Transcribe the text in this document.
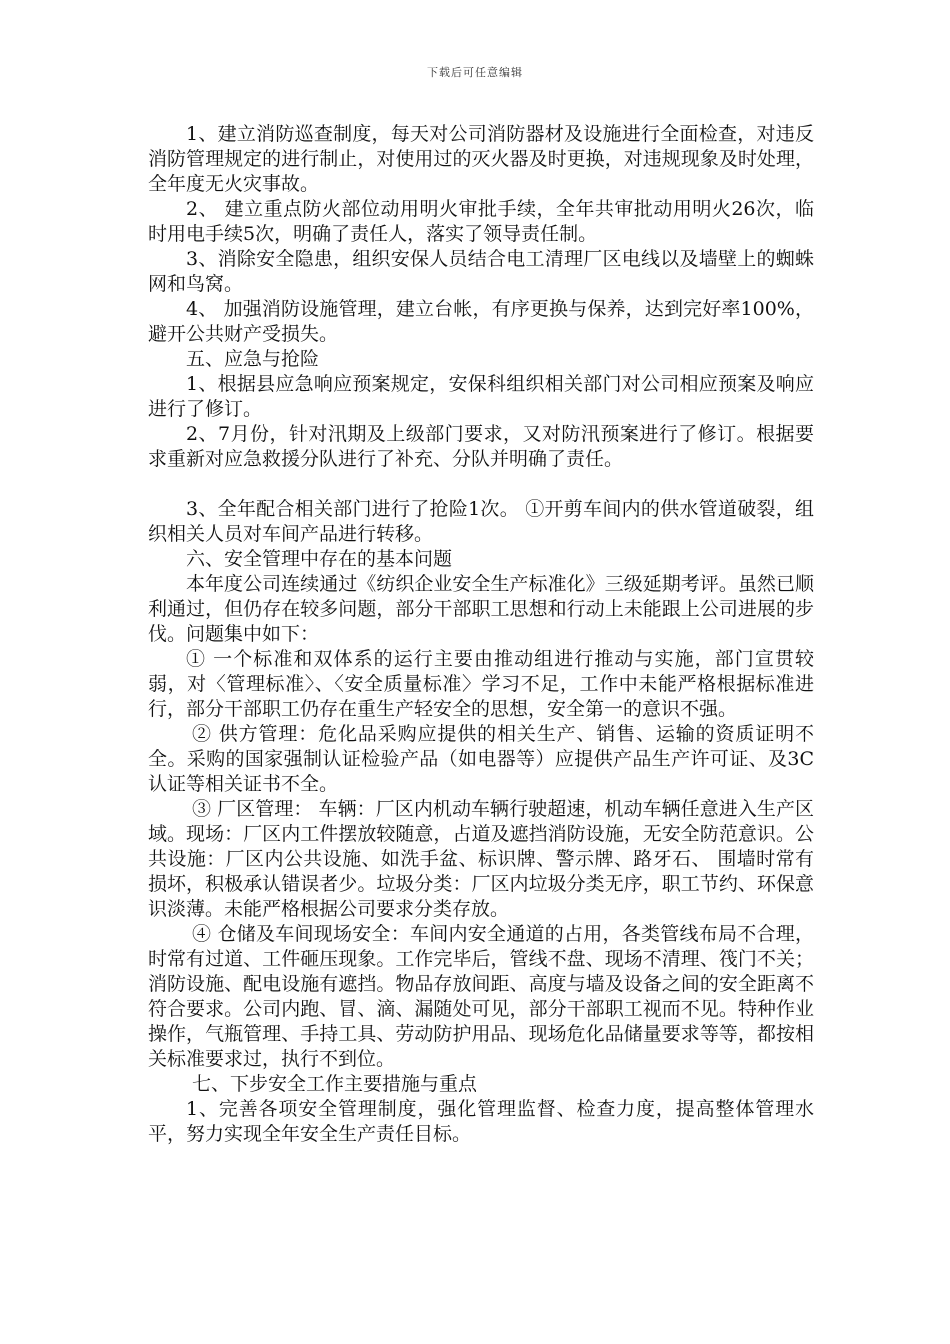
下载后可任意编辑

1、建立消防巡查制度，每天对公司消防器材及设施进行全面检查，对违反消防管理规定的进行制止，对使用过的灭火器及时更换，对违规现象及时处理，全年度无火灾事故。

2、 建立重点防火部位动用明火审批手续，全年共审批动用明火26次，临时用电手续5次，明确了责任人，落实了领导责任制。

3、消除安全隐患，组织安保人员结合电工清理厂区电线以及墙壁上的蜘蛛网和鸟窝。

4、 加强消防设施管理，建立台帐，有序更换与保养，达到完好率100%，避开公共财产受损失。

五、应急与抢险

1、根据县应急响应预案规定，安保科组织相关部门对公司相应预案及响应进行了修订。

2、7月份，针对汛期及上级部门要求，又对防汛预案进行了修订。根据要求重新对应急救援分队进行了补充、分队并明确了责任。

3、全年配合相关部门进行了抢险1次。 ①开剪车间内的供水管道破裂，组织相关人员对车间产品进行转移。

六、安全管理中存在的基本问题

本年度公司连续通过《纺织企业安全生产标准化》三级延期考评。虽然已顺利通过，但仍存在较多问题，部分干部职工思想和行动上未能跟上公司进展的步伐。问题集中如下：

① 一个标准和双体系的运行主要由推动组进行推动与实施，部门宣贯较弱，对〈管理标准〉、〈安全质量标准〉学习不足，工作中未能严格根据标准进行，部分干部职工仍存在重生产轻安全的思想，安全第一的意识不强。

② 供方管理：危化品采购应提供的相关生产、销售、运输的资质证明不全。采购的国家强制认证检验产品（如电器等）应提供产品生产许可证、及3C认证等相关证书不全。

③ 厂区管理： 车辆：厂区内机动车辆行驶超速，机动车辆任意进入生产区域。现场：厂区内工件摆放较随意，占道及遮挡消防设施，无安全防范意识。公共设施：厂区内公共设施、如洗手盆、标识牌、警示牌、路牙石、 围墙时常有损坏，积极承认错误者少。垃圾分类：厂区内垃圾分类无序，职工节约、环保意识淡薄。未能严格根据公司要求分类存放。

④ 仓储及车间现场安全：车间内安全通道的占用，各类管线布局不合理，时常有过道、工件砸压现象。工作完毕后，管线不盘、现场不清理、筏门不关；消防设施、配电设施有遮挡。物品存放间距、高度与墙及设备之间的安全距离不符合要求。公司内跑、冒、滴、漏随处可见，部分干部职工视而不见。特种作业操作，气瓶管理、手持工具、劳动防护用品、现场危化品储量要求等等，都按相关标准要求过，执行不到位。

七、下步安全工作主要措施与重点

1、完善各项安全管理制度，强化管理监督、检查力度，提高整体管理水平，努力实现全年安全生产责任目标。
